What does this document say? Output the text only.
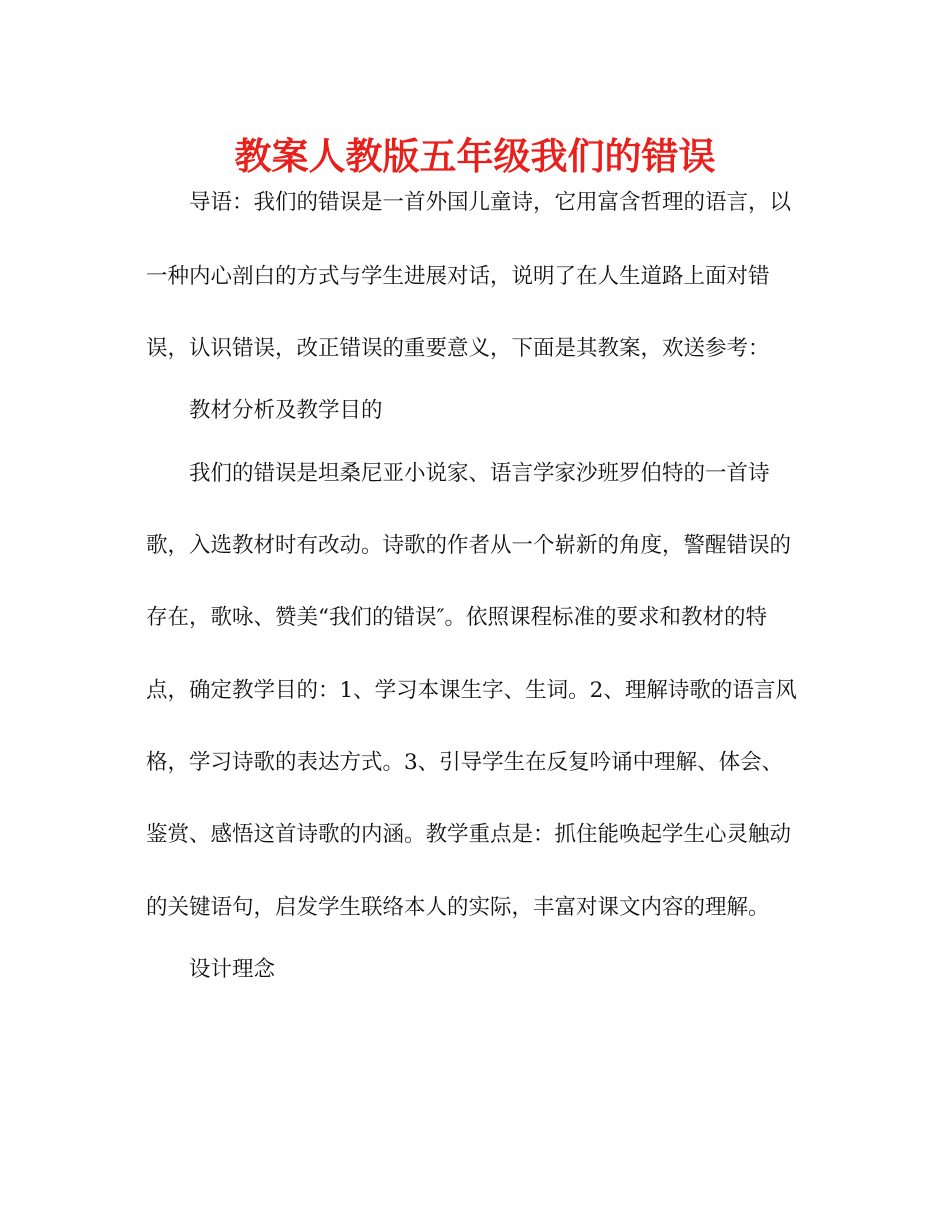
教案人教版五年级我们的错误
导语：我们的错误是一首外国儿童诗，它用富含哲理的语言，以
一种内心剖白的方式与学生进展对话，说明了在人生道路上面对错
误，认识错误，改正错误的重要意义，下面是其教案，欢送参考：
教材分析及教学目的
我们的错误是坦桑尼亚小说家、语言学家沙班罗伯特的一首诗
歌，入选教材时有改动。诗歌的作者从一个崭新的角度，警醒错误的
存在，歌咏、赞美“我们的错误″。依照课程标准的要求和教材的特
点，确定教学目的：1、学习本课生字、生词。2、理解诗歌的语言风
格，学习诗歌的表达方式。3、引导学生在反复吟诵中理解、体会、
鉴赏、感悟这首诗歌的内涵。教学重点是：抓住能唤起学生心灵触动
的关键语句，启发学生联络本人的实际，丰富对课文内容的理解。
设计理念
